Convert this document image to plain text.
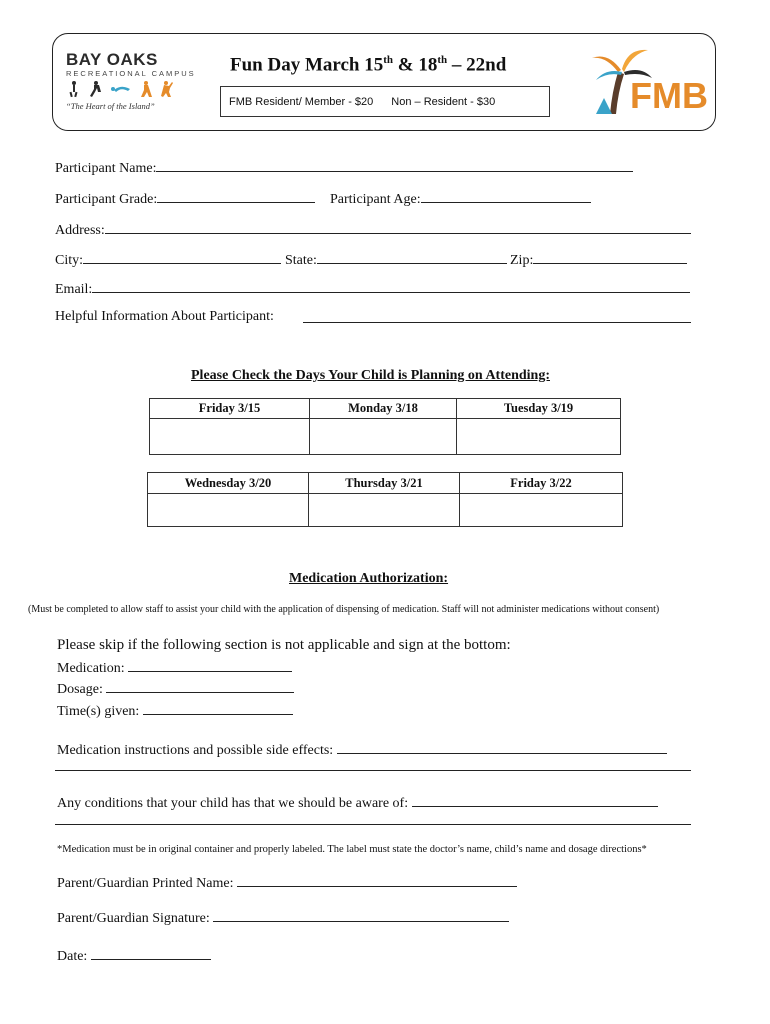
BAY OAKS
RECREATIONAL CAMPUS
“The Heart of the Island”
Fun Day March 15th & 18th – 22nd
FMB Resident/ Member - $20 Non – Resident - $30	FMB
Participant Name:
Participant Grade:	Participant Age:
Address:
City:	State:	Zip:
Email:
Helpful Information About Participant:
Please Check the Days Your Child is Planning on Attending:
Friday 3/15	Monday 3/18	Tuesday 3/19

Wednesday 3/20	Thursday 3/21	Friday 3/22

Medication Authorization:
(Must be completed to allow staff to assist your child with the application of dispensing of medication. Staff will not administer medications without consent)
Please skip if the following section is not applicable and sign at the bottom:
Medication:
Dosage:
Time(s) given:
Medication instructions and possible side effects:
Any conditions that your child has that we should be aware of:
*Medication must be in original container and properly labeled. The label must state the doctor’s name, child’s name and dosage directions*
Parent/Guardian Printed Name:
Parent/Guardian Signature:
Date:
